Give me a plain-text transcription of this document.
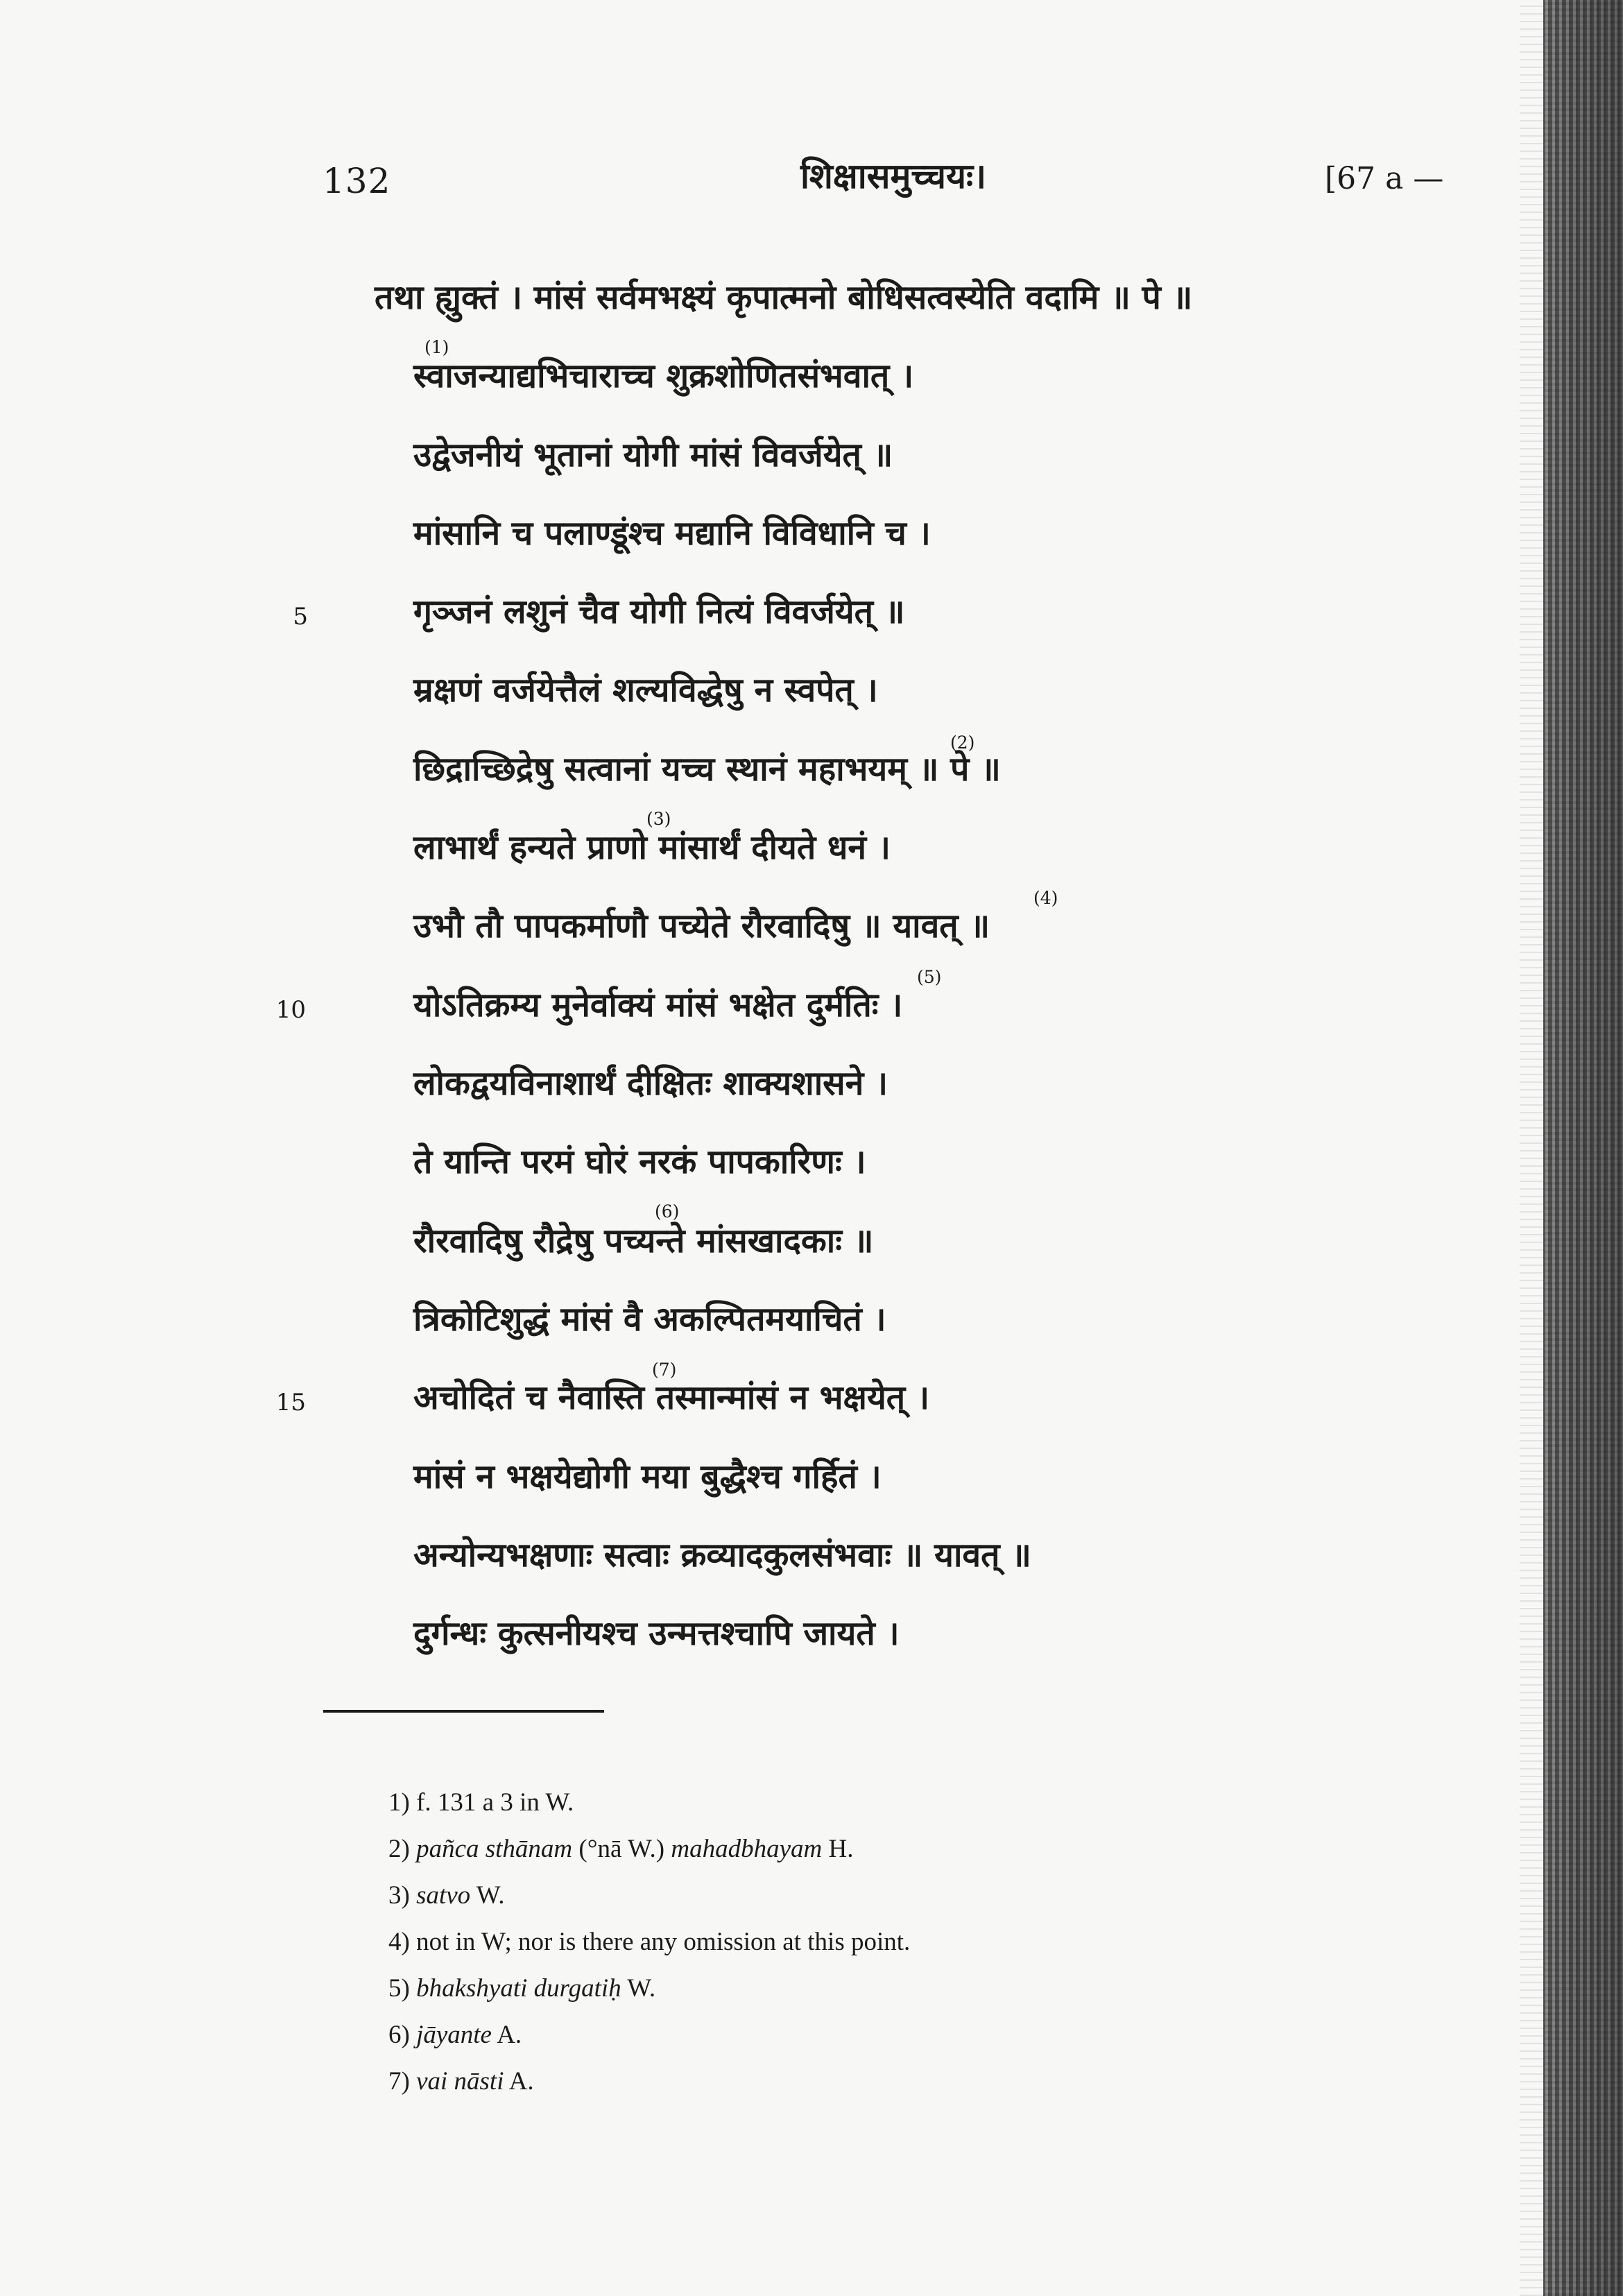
132	शिक्षासमुच्चयः।	[67 a —
तथा ह्युक्तं । मांसं सर्वमभक्ष्यं कृपात्मनो बोधिसत्वस्येति वदामि ॥ पे ॥
स्वाजन्याद्यभिचाराच्च शुक्रशोणितसंभवात् ।
(1)
उद्वेजनीयं भूतानां योगी मांसं विवर्जयेत् ॥
मांसानि च पलाण्डूंश्च मद्यानि विविधानि च ।
गृञ्जनं लशुनं चैव योगी नित्यं विवर्जयेत् ॥
5
म्रक्षणं वर्जयेत्तैलं शल्यविद्धेषु न स्वपेत् ।
छिद्राच्छिद्रेषु सत्वानां यच्च स्थानं महाभयम् ॥ पे ॥
(2)
लाभार्थं हन्यते प्राणो मांसार्थं दीयते धनं ।
(3)
उभौ तौ पापकर्माणौ पच्येते रौरवादिषु ॥ यावत् ॥
(4)
योऽतिक्रम्य मुनेर्वाक्यं मांसं भक्षेत दुर्मतिः ।
10
(5)
लोकद्वयविनाशार्थं दीक्षितः शाक्यशासने ।
ते यान्ति परमं घोरं नरकं पापकारिणः ।
रौरवादिषु रौद्रेषु पच्यन्ते मांसखादकाः ॥
(6)
त्रिकोटिशुद्धं मांसं वै अकल्पितमयाचितं ।
अचोदितं च नैवास्ति तस्मान्मांसं न भक्षयेत् ।
15
(7)
मांसं न भक्षयेद्योगी मया बुद्धैश्च गर्हितं ।
अन्योन्यभक्षणाः सत्वाः क्रव्यादकुलसंभवाः ॥ यावत् ॥
दुर्गन्धः कुत्सनीयश्च उन्मत्तश्चापि जायते ।
1) f. 131 a 3 in W.
2) pañca sthānam (°nā W.) mahadbhayam H.
3) satvo W.
4) not in W; nor is there any omission at this point.
5) bhakshyati durgatiḥ W.
6) jāyante A.
7) vai nāsti A.
